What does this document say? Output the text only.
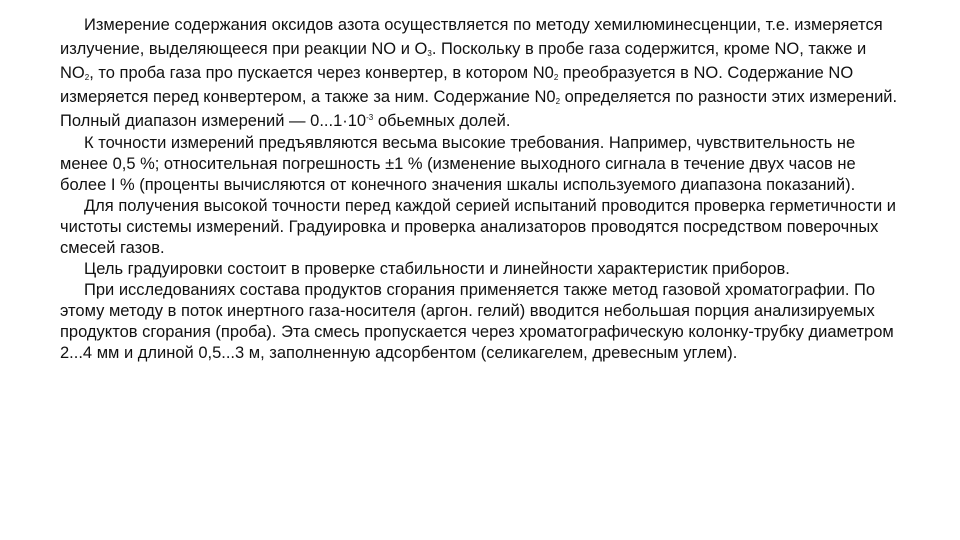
Измерение содержания оксидов азота осуществляется по методу хемилюминесценции, т.е. измеряется излучение, выделяющееся при реакции NO и $O_3$. Поскольку в пробе газа содержится, кроме NO, также и $NO_2$, то проба газа про пускается через конвертер, в котором $N0_2$ преобразуется в NO. Содержание NO измеряется перед конвертером, а также за ним. Содержание $N0_2$ определяется по разности этих измерений. Полный диапазон измерений — $0...1\cdot 10^{-3}$ обьемных долей.

К точности измерений предъявляются весьма высокие требования. Например, чувствительность не менее 0,5 %; относительная погрешность ±1 % (изменение выходного сигнала в течение двух часов не более I % (проценты вычисляются от конечного значения шкалы используемого диапазона показаний).

Для получения высокой точности перед каждой серией испытаний проводится проверка герметичности и чистоты системы измерений. Градуировка и проверка анализаторов проводятся посредством поверочных смесей газов.

Цель градуировки состоит в проверке стабильности и линейности характеристик приборов.

При исследованиях состава продуктов сгорания применяется также метод газовой хроматографии. По этому методу в поток инертного газа-носителя (аргон. гелий) вводится небольшая порция анализируемых продуктов сгорания (проба). Эта смесь пропускается через хроматографическую колонку-трубку диаметром 2...4 мм и длиной 0,5...3 м, заполненную адсорбентом (селикагелем, древесным углем).
